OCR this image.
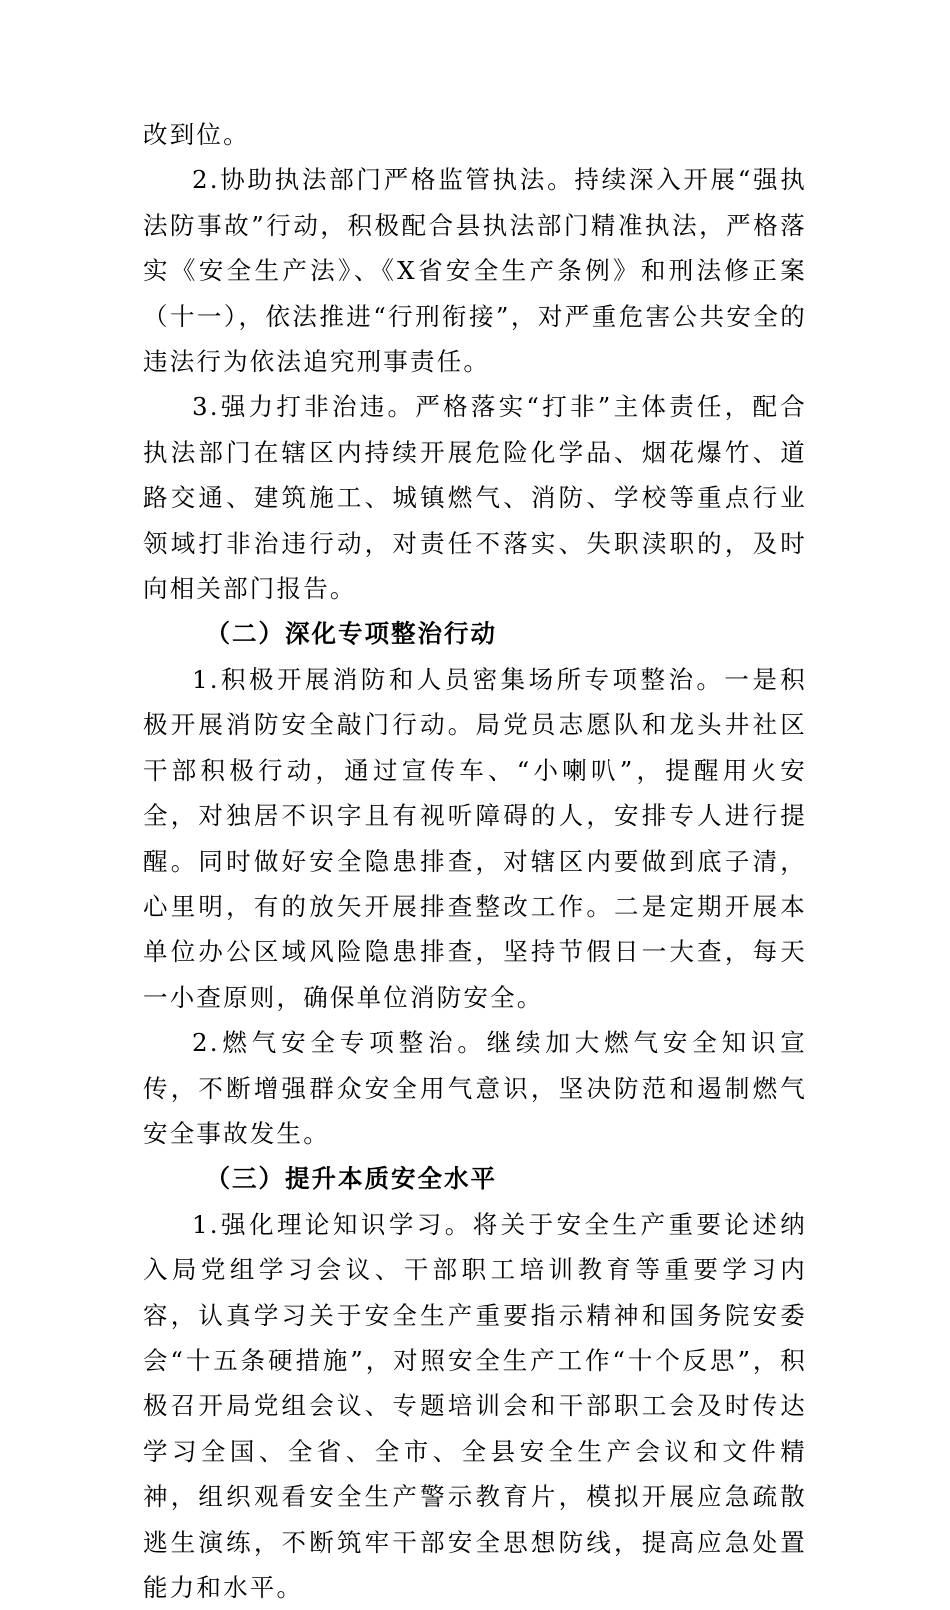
改到位。

2.协助执法部门严格监管执法。持续深入开展“强执法防事故”行动，积极配合县执法部门精准执法，严格落实《安全生产法》、《X省安全生产条例》和刑法修正案（十一），依法推进“行刑衔接”，对严重危害公共安全的违法行为依法追究刑事责任。

3.强力打非治违。严格落实“打非”主体责任，配合执法部门在辖区内持续开展危险化学品、烟花爆竹、道路交通、建筑施工、城镇燃气、消防、学校等重点行业领域打非治违行动，对责任不落实、失职渎职的，及时向相关部门报告。

（二）深化专项整治行动

1.积极开展消防和人员密集场所专项整治。一是积极开展消防安全敲门行动。局党员志愿队和龙头井社区干部积极行动，通过宣传车、“小喇叭”，提醒用火安全，对独居不识字且有视听障碍的人，安排专人进行提醒。同时做好安全隐患排查，对辖区内要做到底子清，心里明，有的放矢开展排查整改工作。二是定期开展本单位办公区域风险隐患排查，坚持节假日一大查，每天一小查原则，确保单位消防安全。

2.燃气安全专项整治。继续加大燃气安全知识宣传，不断增强群众安全用气意识，坚决防范和遏制燃气安全事故发生。

（三）提升本质安全水平

1.强化理论知识学习。将关于安全生产重要论述纳入局党组学习会议、干部职工培训教育等重要学习内容，认真学习关于安全生产重要指示精神和国务院安委会“十五条硬措施”，对照安全生产工作“十个反思”，积极召开局党组会议、专题培训会和干部职工会及时传达学习全国、全省、全市、全县安全生产会议和文件精神，组织观看安全生产警示教育片，模拟开展应急疏散逃生演练，不断筑牢干部安全思想防线，提高应急处置能力和水平。
